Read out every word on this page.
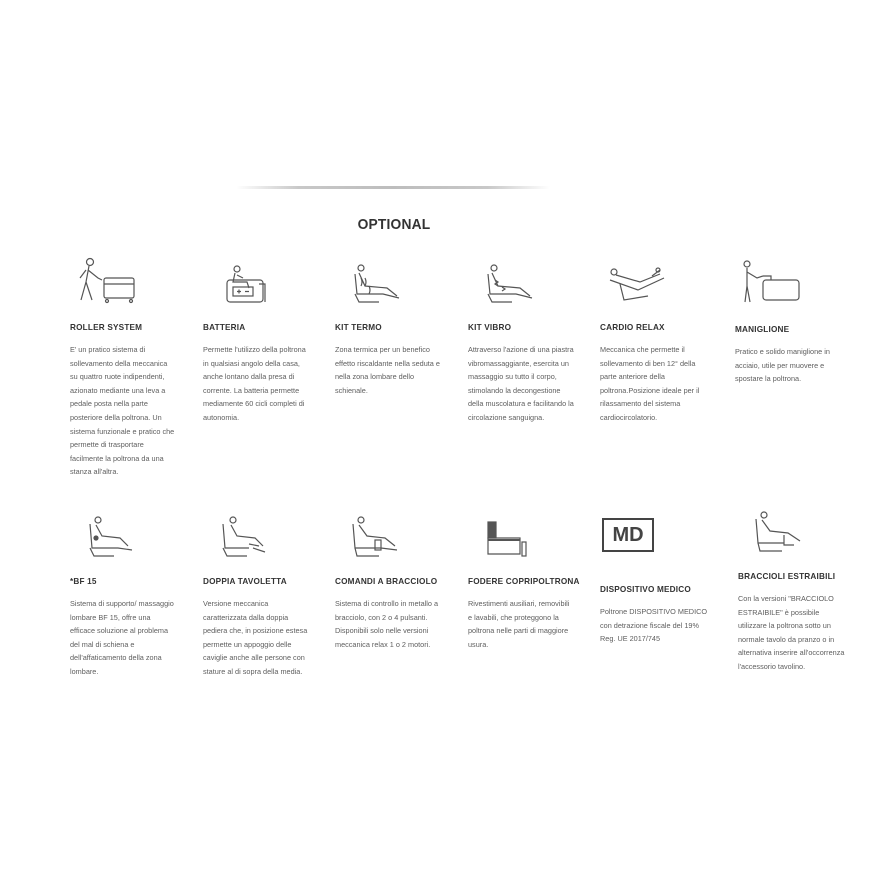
OPTIONAL

ROLLER SYSTEM

E' un pratico sistema di
sollevamento della meccanica
su quattro ruote indipendenti,
azionato mediante una leva a
pedale posta nella parte
posteriore della poltrona. Un
sistema funzionale e pratico che
permette di trasportare
facilmente la poltrona da una
stanza all'altra.

BATTERIA

Permette l'utilizzo della poltrona
in qualsiasi angolo della casa,
anche lontano dalla presa di
corrente. La batteria permette
mediamente 60 cicli completi di
autonomia.

KIT TERMO

Zona termica per un benefico
effetto riscaldante nella seduta e
nella zona lombare dello
schienale.

KIT VIBRO

Attraverso l'azione di una piastra
vibromassaggiante, esercita un
massaggio su tutto il corpo,
stimolando la decongestione
della muscolatura e facilitando la
circolazione sanguigna.

CARDIO RELAX

Meccanica che permette il
sollevamento di ben 12° della
parte anteriore della
poltrona.Posizione ideale per il
rilassamento del sistema
cardiocircolatorio.

MANIGLIONE

Pratico e solido maniglione in
acciaio, utile per muovere e
spostare la poltrona.

*BF 15

Sistema di supporto/ massaggio
lombare BF 15, offre una
efficace soluzione al problema
del mal di schiena e
dell'affaticamento della zona
lombare.

DOPPIA TAVOLETTA

Versione meccanica
caratterizzata dalla doppia
pediera che, in posizione estesa
permette un appoggio delle
caviglie anche alle persone con
stature al di sopra della media.

COMANDI A BRACCIOLO

Sistema di controllo in metallo a
bracciolo, con 2 o 4 pulsanti.
Disponibili solo nelle versioni
meccanica relax 1 o 2 motori.

FODERE COPRIPOLTRONA

Rivestimenti ausiliari, removibili
e lavabili, che proteggono la
poltrona nelle parti di maggiore
usura.

MD

DISPOSITIVO MEDICO

Poltrone DISPOSITIVO MEDICO
con detrazione fiscale del 19%
Reg. UE 2017/745

BRACCIOLI ESTRAIBILI

Con la versioni "BRACCIOLO
ESTRAIBILE" è possibile
utilizzare la poltrona sotto un
normale tavolo da pranzo o in
alternativa inserire all'occorrenza
l'accessorio tavolino.
